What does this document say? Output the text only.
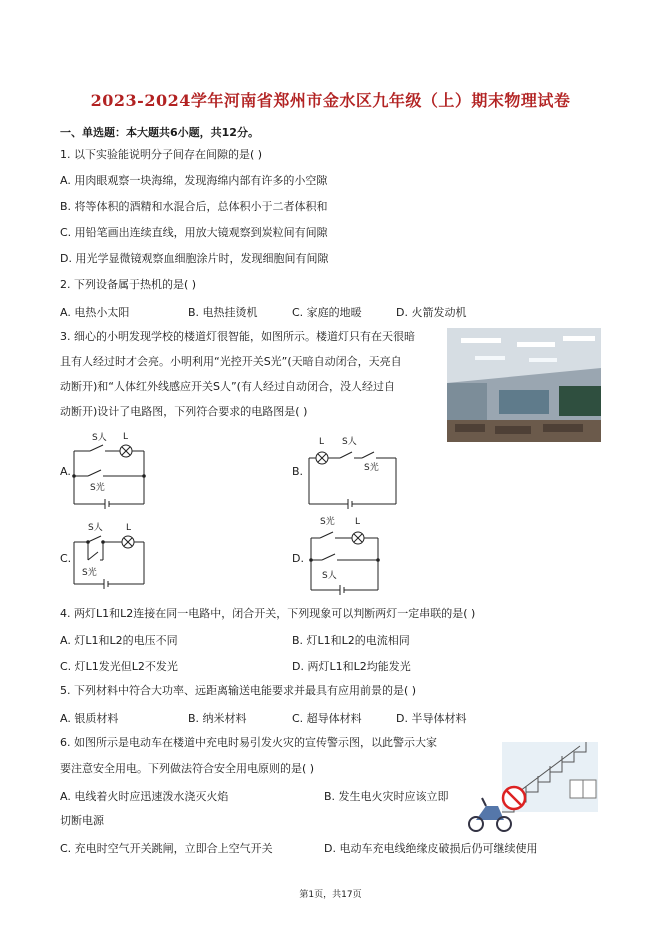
2023-2024学年河南省郑州市金水区九年级（上）期末物理试卷
一、单选题：本大题共6小题，共12分。
1. 以下实验能说明分子间存在间隙的是( )
A. 用肉眼观察一块海绵，发现海绵内部有许多的小空隙
B. 将等体积的酒精和水混合后，总体积小于二者体积和
C. 用铅笔画出连续直线，用放大镜观察到炭粒间有间隙
D. 用光学显微镜观察血细胞涂片时，发现细胞间有间隙
2. 下列设备属于热机的是( )
A. 电热小太阳	B. 电热挂烫机	C. 家庭的地暖	D. 火箭发动机
3. 细心的小明发现学校的楼道灯很智能，如图所示。楼道灯只有在天很暗
且有人经过时才会亮。小明利用“光控开关S光”(天暗自动闭合，天亮自
动断开)和“人体红外线感应开关S人”(有人经过自动闭合，没人经过自
动断开)设计了电路图，下列符合要求的电路图是( )
A.	B.
C.	D.
S人 L
S光
L S人
S光
S人	L
S光
S光 L
S人
4. 两灯L1和L2连接在同一电路中，闭合开关，下列现象可以判断两灯一定串联的是( )
A. 灯L1和L2的电压不同	B. 灯L1和L2的电流相同
C. 灯L1发光但L2不发光	D. 两灯L1和L2均能发光
5. 下列材料中符合大功率、远距离输送电能要求并最具有应用前景的是( )
A. 银质材料	B. 纳米材料	C. 超导体材料	D. 半导体材料
6. 如图所示是电动车在楼道中充电时易引发火灾的宣传警示图，以此警示大家
要注意安全用电。下列做法符合安全用电原则的是( )
A. 电线着火时应迅速泼水浇灭火焰	B. 发生电火灾时应该立即
切断电源
C. 充电时空气开关跳闸，立即合上空气开关	D. 电动车充电线绝缘皮破损后仍可继续使用
第1页，共17页
